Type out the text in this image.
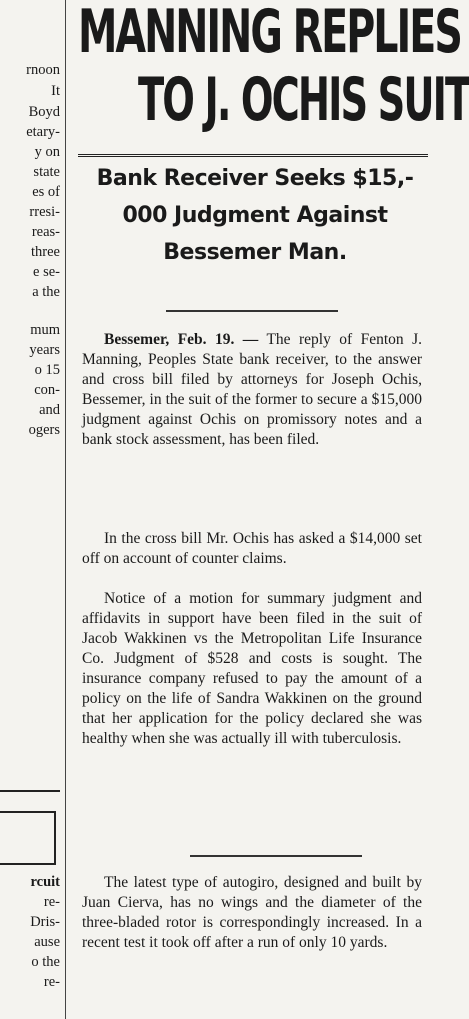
rnoon
It
Boyd
etary-
y on
state
es of
rresi-
reas-
three
e se-
a the
mum
years
o 15
con-
and
ogers
rcuit
re-
Dris-
ause
o the
re-
MANNING REPLIES
TO J. OCHIS SUIT
Bank Receiver Seeks $15,-
000 Judgment Against
Bessemer Man.
Bessemer, Feb. 19. — The reply of Fenton J. Manning, Peoples State bank receiver, to the answer and cross bill filed by attorneys for Joseph Ochis, Bessemer, in the suit of the former to secure a $15,000 judgment against Ochis on promissory notes and a bank stock assessment, has been filed.
In the cross bill Mr. Ochis has asked a $14,000 set off on account of counter claims.
Notice of a motion for summary judgment and affidavits in support have been filed in the suit of Jacob Wakkinen vs the Metropolitan Life Insurance Co. Judgment of $528 and costs is sought. The insurance company refused to pay the amount of a policy on the life of Sandra Wakkinen on the ground that her application for the policy declared she was healthy when she was actually ill with tuberculosis.
The latest type of autogiro, designed and built by Juan Cierva, has no wings and the diameter of the three-bladed rotor is correspondingly increased. In a recent test it took off after a run of only 10 yards.
